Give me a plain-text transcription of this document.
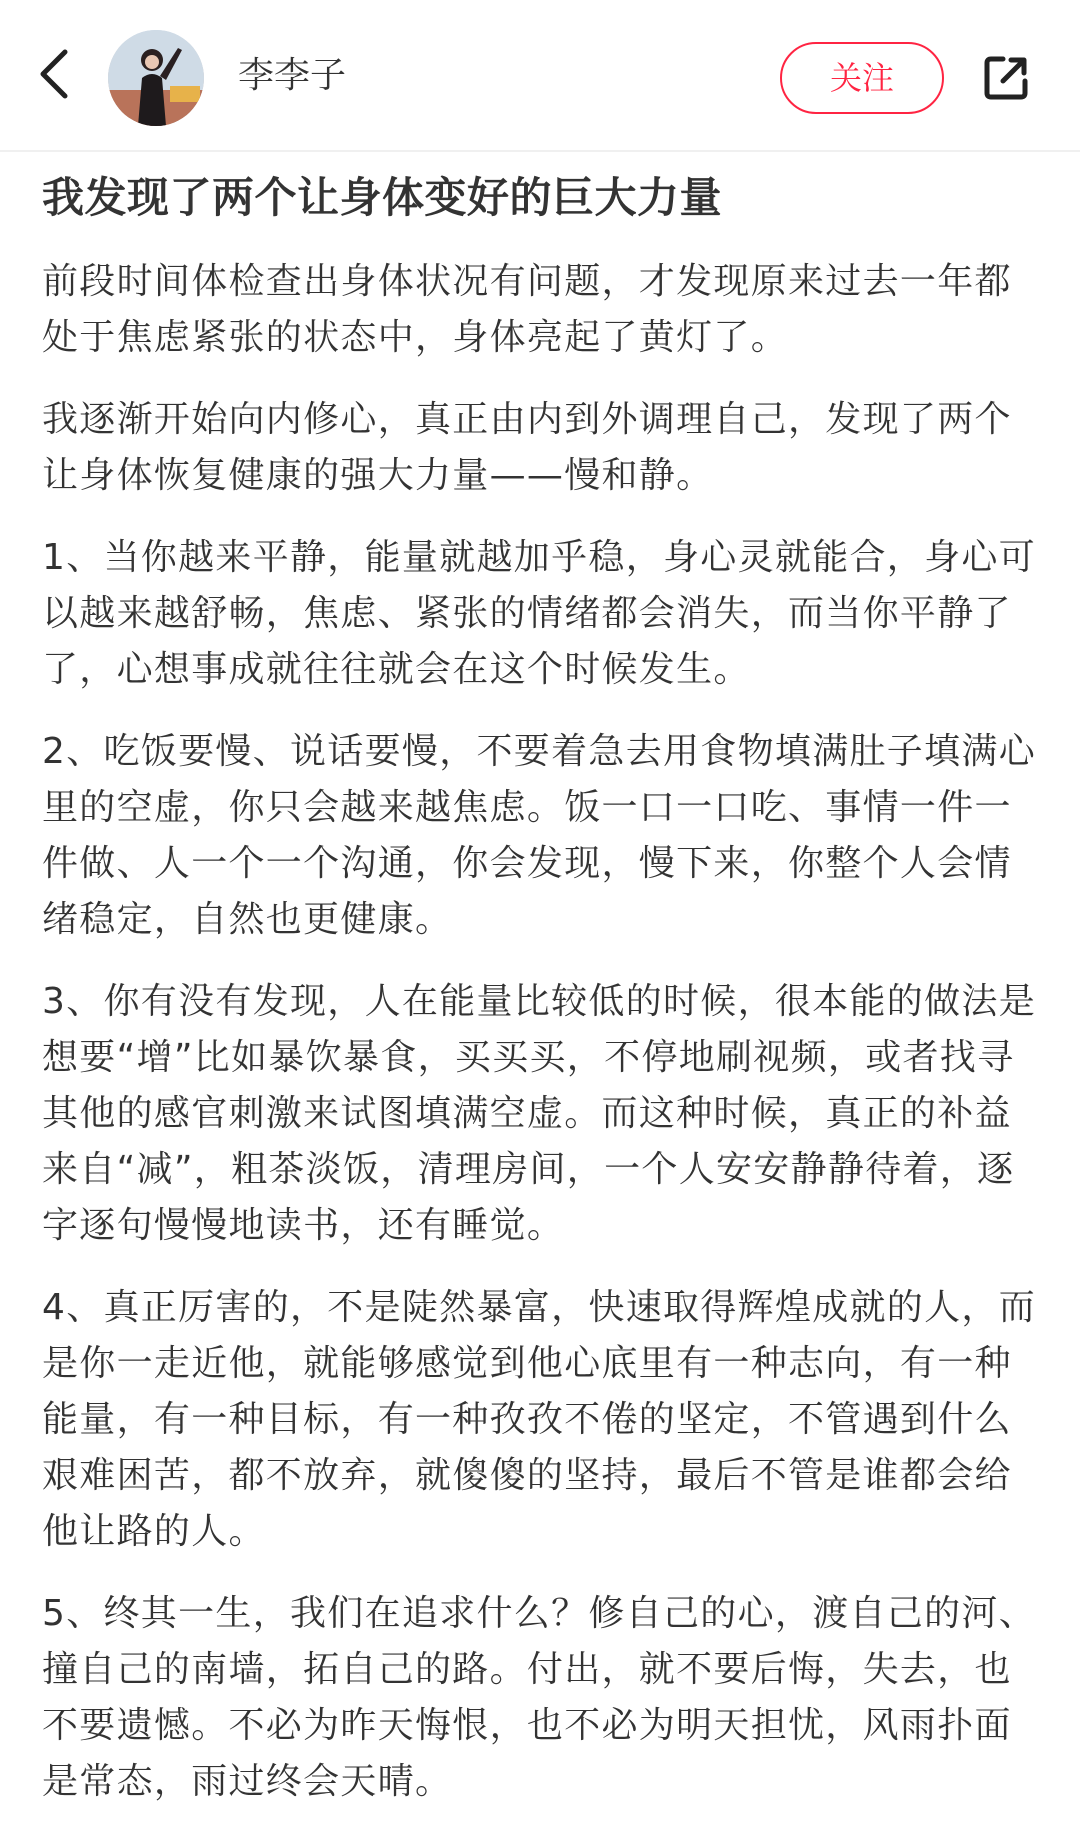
李李子	关注
我发现了两个让身体变好的巨大力量
前段时间体检查出身体状况有问题，才发现原来过去一年都处于焦虑紧张的状态中，身体亮起了黄灯了。
我逐渐开始向内修心，真正由内到外调理自己，发现了两个让身体恢复健康的强大力量——慢和静。
1、当你越来平静，能量就越加乎稳，身心灵就能合，身心可以越来越舒畅，焦虑、紧张的情绪都会消失，而当你平静了了，心想事成就往往就会在这个时候发生。
2、吃饭要慢、说话要慢，不要着急去用食物填满肚子填满心里的空虚，你只会越来越焦虑。饭一口一口吃、事情一件一件做、人一个一个沟通，你会发现，慢下来，你整个人会情绪稳定，自然也更健康。
3、你有没有发现，人在能量比较低的时候，很本能的做法是想要“增”比如暴饮暴食，买买买，不停地刷视频，或者找寻其他的感官刺激来试图填满空虚。而这种时候，真正的补益来自“减”，粗茶淡饭，清理房间，一个人安安静静待着，逐字逐句慢慢地读书，还有睡觉。
4、真正厉害的，不是陡然暴富，快速取得辉煌成就的人，而是你一走近他，就能够感觉到他心底里有一种志向，有一种能量，有一种目标，有一种孜孜不倦的坚定，不管遇到什么艰难困苦，都不放弃，就傻傻的坚持，最后不管是谁都会给他让路的人。
5、终其一生，我们在追求什么？修自己的心，渡自己的河、撞自己的南墙，拓自己的路。付出，就不要后悔，失去，也不要遗憾。不必为昨天悔恨，也不必为明天担忧，风雨扑面是常态，雨过终会天晴。
